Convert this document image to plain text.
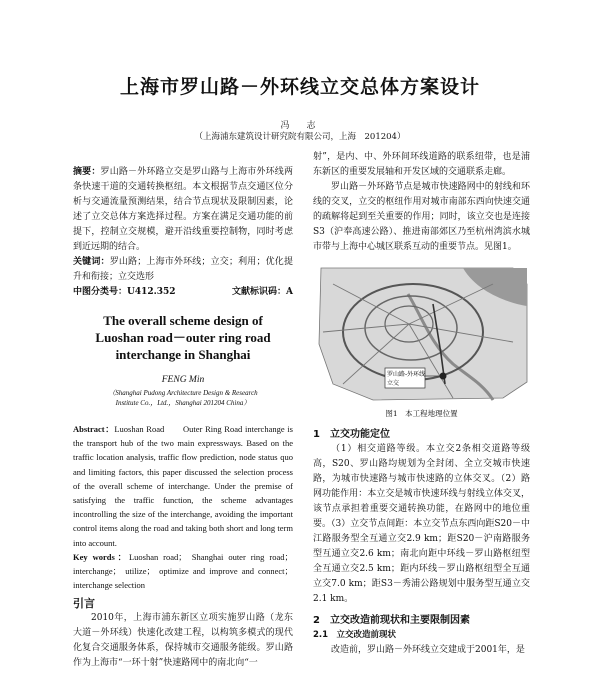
上海市罗山路－外环线立交总体方案设计
冯　志
（上海浦东建筑设计研究院有限公司，上海　201204）

摘要：罗山路－外环路立交是罗山路与上海市外环线两条快速干道的交通转换枢纽。本文根据节点交通区位分析与交通流量预测结果，结合节点现状及限制因素，论述了立交总体方案选择过程。方案在满足交通功能的前提下，控制立交规模，避开沿线重要控制物，同时考虑到近远期的结合。

关键词：罗山路；上海市外环线；立交；利用；优化提升和衔接；立交选形

中图分类号：U412.352	文献标识码：A
The overall scheme design of
Luoshan road－outer ring road
interchange in Shanghai
FENG Min
（Shanghai Pudong Architecture Design & Research
Institute Co.，Ltd.，Shanghai 201204 China）
Abstract：Luoshan Road　　Outer Ring Road interchange is the transport hub of the two main expressways. Based on the traffic location analysis, traffic flow prediction, node status quo and limiting factors, this paper discussed the selection process of the overall scheme of interchange. Under the premise of satisfying the traffic function, the scheme advantages incontrolling the size of the interchange, avoiding the important control items along the road and taking both short and long term into account.
Key words：Luoshan road； Shanghai outer ring road； interchange； utilize； optimize and improve and connect； interchange selection
引言

2010年，上海市浦东新区立项实施罗山路（龙东大道－外环线）快速化改建工程，以构筑多模式的现代化复合交通服务体系，保持城市交通服务能级。罗山路作为上海市“一环十射”快速路网中的南北向“一

射”，是内、中、外环间环线道路的联系纽带，也是浦东新区的重要发展轴和开发区域的交通联系走廊。

罗山路－外环路节点是城市快速路网中的射线和环线的交叉，立交的枢纽作用对城市南部东西向快速交通的疏解将起到至关重要的作用；同时，该立交也是连接S3（沪奉高速公路）、推进南部郊区乃至杭州湾滨水城市带与上海中心城区联系互动的重要节点。见图1。

罗山路-外环线
立交
图1　本工程地理位置
1　立交功能定位

（1）相交道路等级。本立交2条相交道路等级高，S20、罗山路均规划为全封闭、全立交城市快速路，为城市快速路与城市快速路的立体交叉。（2）路网功能作用：本立交是城市快速环线与射线立体交叉，该节点承担着重要交通转换功能，在路网中的地位重要。（3）立交节点间距：本立交节点东西向距S20－中江路服务型全互通立交2.9 km；距S20－沪南路服务型互通立交2.6 km；南北向距中环线－罗山路枢纽型全互通立交2.5 km；距内环线－罗山路枢纽型全互通立交7.0 km；距S3－秀浦公路规划中服务型互通立交2.1 km。

2　立交改造前现状和主要限制因素
2.1　立交改造前现状

改造前，罗山路－外环线立交建成于2001年，是
